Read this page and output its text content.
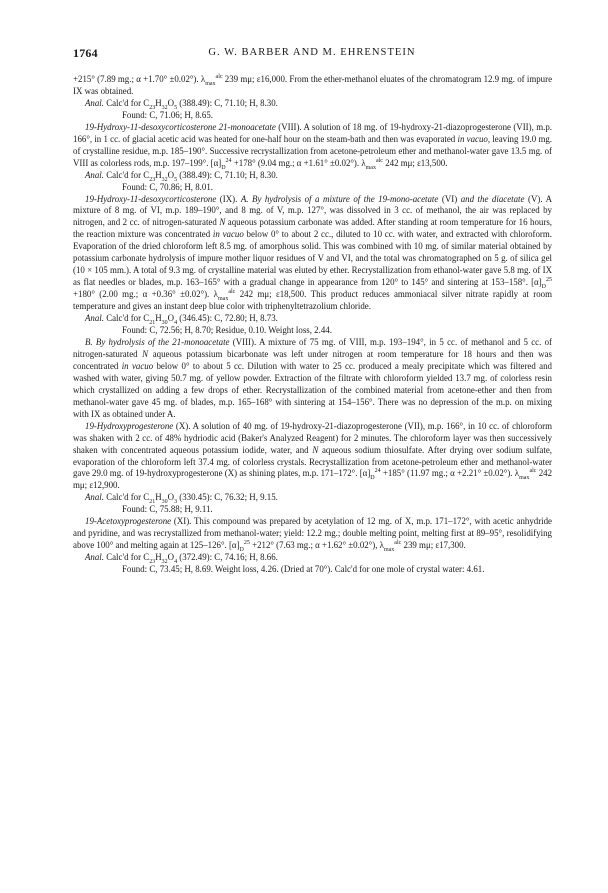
1764	G. W. BARBER AND M. EHRENSTEIN

+215° (7.89 mg.; α +1.70° ±0.02°). $\lambda_{max}^{alc}$ 239 mμ; ε16,000. From the ether-methanol eluates of the chromatogram 12.9 mg. of impure IX was obtained.

Anal. Calc'd for $C_{23}H_{32}O_5$ (388.49): C, 71.10; H, 8.30.

Found: C, 71.06; H, 8.65.

19-Hydroxy-11-desoxycorticosterone 21-monoacetate (VIII). A solution of 18 mg. of 19-hydroxy-21-diazoprogesterone (VII), m.p. 166°, in 1 cc. of glacial acetic acid was heated for one-half hour on the steam-bath and then was evaporated in vacuo, leaving 19.0 mg. of crystalline residue, m.p. 185–190°. Successive recrystallization from acetone-petroleum ether and methanol-water gave 13.5 mg. of VIII as colorless rods, m.p. 197–199°. $[\alpha]_D^{24} +178^\circ$ (9.04 mg.; α +1.61° ±0.02°). $\lambda_{max}^{alc}$ 242 mμ; ε13,500.

Anal. Calc'd for $C_{23}H_{32}O_5$ (388.49): C, 71.10; H, 8.30.

Found: C, 70.86; H, 8.01.

19-Hydroxy-11-desoxycorticosterone (IX). A. By hydrolysis of a mixture of the 19-mono-acetate (VI) and the diacetate (V). A mixture of 8 mg. of VI, m.p. 189–190°, and 8 mg. of V, m.p. 127°, was dissolved in 3 cc. of methanol, the air was replaced by nitrogen, and 2 cc. of nitrogen-saturated N aqueous potassium carbonate was added. After standing at room temperature for 16 hours, the reaction mixture was concentrated in vacuo below 0° to about 2 cc., diluted to 10 cc. with water, and extracted with chloroform. Evaporation of the dried chloroform left 8.5 mg. of amorphous solid. This was combined with 10 mg. of similar material obtained by potassium carbonate hydrolysis of impure mother liquor residues of V and VI, and the total was chromatographed on 5 g. of silica gel (10 × 105 mm.). A total of 9.3 mg. of crystalline material was eluted by ether. Recrystallization from ethanol-water gave 5.8 mg. of IX as flat needles or blades, m.p. 163–165° with a gradual change in appearance from 120° to 145° and sintering at 153–158°. $[\alpha]_D^{25} +180^\circ$ (2.00 mg.; α +0.36° ±0.02°). $\lambda_{max}^{alc}$ 242 mμ; ε18,500. This product reduces ammoniacal silver nitrate rapidly at room temperature and gives an instant deep blue color with triphenyltetrazolium chloride.

Anal. Calc'd for $C_{21}H_{30}O_4$ (346.45): C, 72.80; H, 8.73.

Found: C, 72.56; H, 8.70; Residue, 0.10. Weight loss, 2.44.

B. By hydrolysis of the 21-monoacetate (VIII). A mixture of 75 mg. of VIII, m.p. 193–194°, in 5 cc. of methanol and 5 cc. of nitrogen-saturated N aqueous potassium bicarbonate was left under nitrogen at room temperature for 18 hours and then was concentrated in vacuo below 0° to about 5 cc. Dilution with water to 25 cc. produced a mealy precipitate which was filtered and washed with water, giving 50.7 mg. of yellow powder. Extraction of the filtrate with chloroform yielded 13.7 mg. of colorless resin which crystallized on adding a few drops of ether. Recrystallization of the combined material from acetone-ether and then from methanol-water gave 45 mg. of blades, m.p. 165–168° with sintering at 154–156°. There was no depression of the m.p. on mixing with IX as obtained under A.

19-Hydroxyprogesterone (X). A solution of 40 mg. of 19-hydroxy-21-diazoprogesterone (VII), m.p. 166°, in 10 cc. of chloroform was shaken with 2 cc. of 48% hydriodic acid (Baker's Analyzed Reagent) for 2 minutes. The chloroform layer was then successively shaken with concentrated aqueous potassium iodide, water, and N aqueous sodium thiosulfate. After drying over sodium sulfate, evaporation of the chloroform left 37.4 mg. of colorless crystals. Recrystallization from acetone-petroleum ether and methanol-water gave 29.0 mg. of 19-hydroxyprogesterone (X) as shining plates, m.p. 171–172°. $[\alpha]_D^{24} +185^\circ$ (11.97 mg.; α +2.21° ±0.02°). $\lambda_{max}^{alc}$ 242 mμ; ε12,900.

Anal. Calc'd for $C_{21}H_{30}O_3$ (330.45): C, 76.32; H, 9.15.

Found: C, 75.88; H, 9.11.

19-Acetoxyprogesterone (XI). This compound was prepared by acetylation of 12 mg. of X, m.p. 171–172°, with acetic anhydride and pyridine, and was recrystallized from methanol-water; yield: 12.2 mg.; double melting point, melting first at 89–95°, resolidifying above 100° and melting again at 125–126°. $[\alpha]_D^{25} +212^\circ$ (7.63 mg.; α +1.62° ±0.02°), $\lambda_{max}^{alc}$ 239 mμ; ε17,300.

Anal. Calc'd for $C_{23}H_{32}O_4$ (372.49): C, 74.16; H, 8.66.

Found: C, 73.45; H, 8.69. Weight loss, 4.26. (Dried at 70°). Calc'd for one mole of crystal water: 4.61.
